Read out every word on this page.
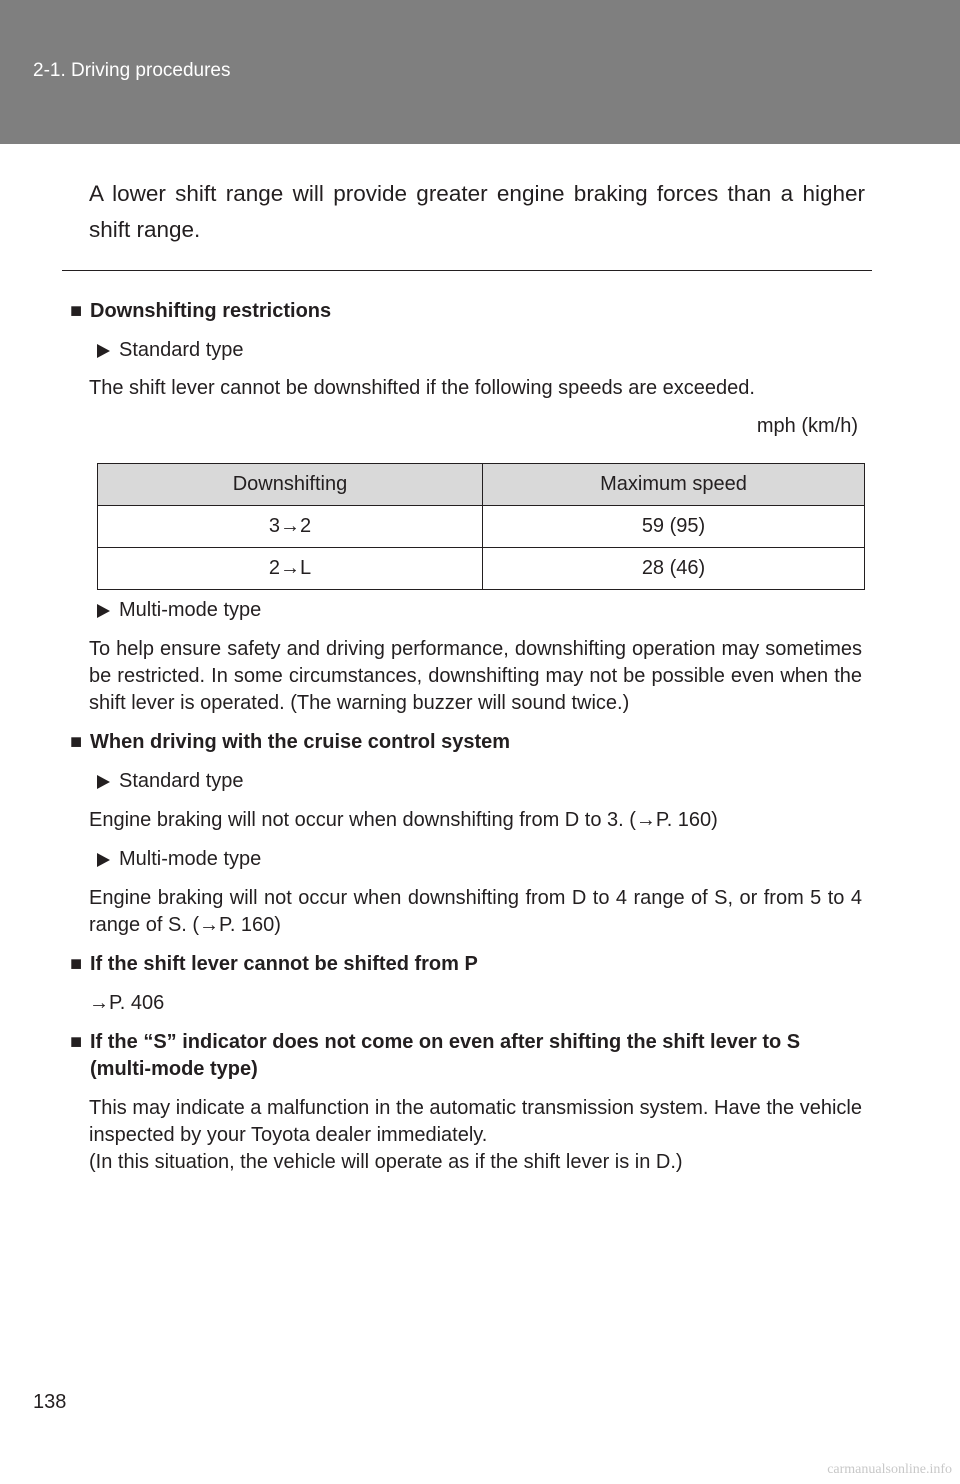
2-1. Driving procedures
A lower shift range will provide greater engine braking forces than a higher shift range.
■ Downshifting restrictions
Standard type

The shift lever cannot be downshifted if the following speeds are exceeded.

mph (km/h)

Downshifting	Maximum speed
3→2	59 (95)
2→L	28 (46)
Multi-mode type

To help ensure safety and driving performance, downshifting operation may sometimes be restricted. In some circumstances, downshifting may not be possible even when the shift lever is operated. (The warning buzzer will sound twice.)

■ When driving with the cruise control system
Standard type

Engine braking will not occur when downshifting from D to 3. (→P. 160)

Multi-mode type

Engine braking will not occur when downshifting from D to 4 range of S, or from 5 to 4 range of S. (→P. 160)

■ If the shift lever cannot be shifted from P

→P. 406

■ If the “S” indicator does not come on even after shifting the shift lever to S (multi-mode type)

This may indicate a malfunction in the automatic transmission system. Have the vehicle inspected by your Toyota dealer immediately.

(In this situation, the vehicle will operate as if the shift lever is in D.)

138
carmanualsonline.info
